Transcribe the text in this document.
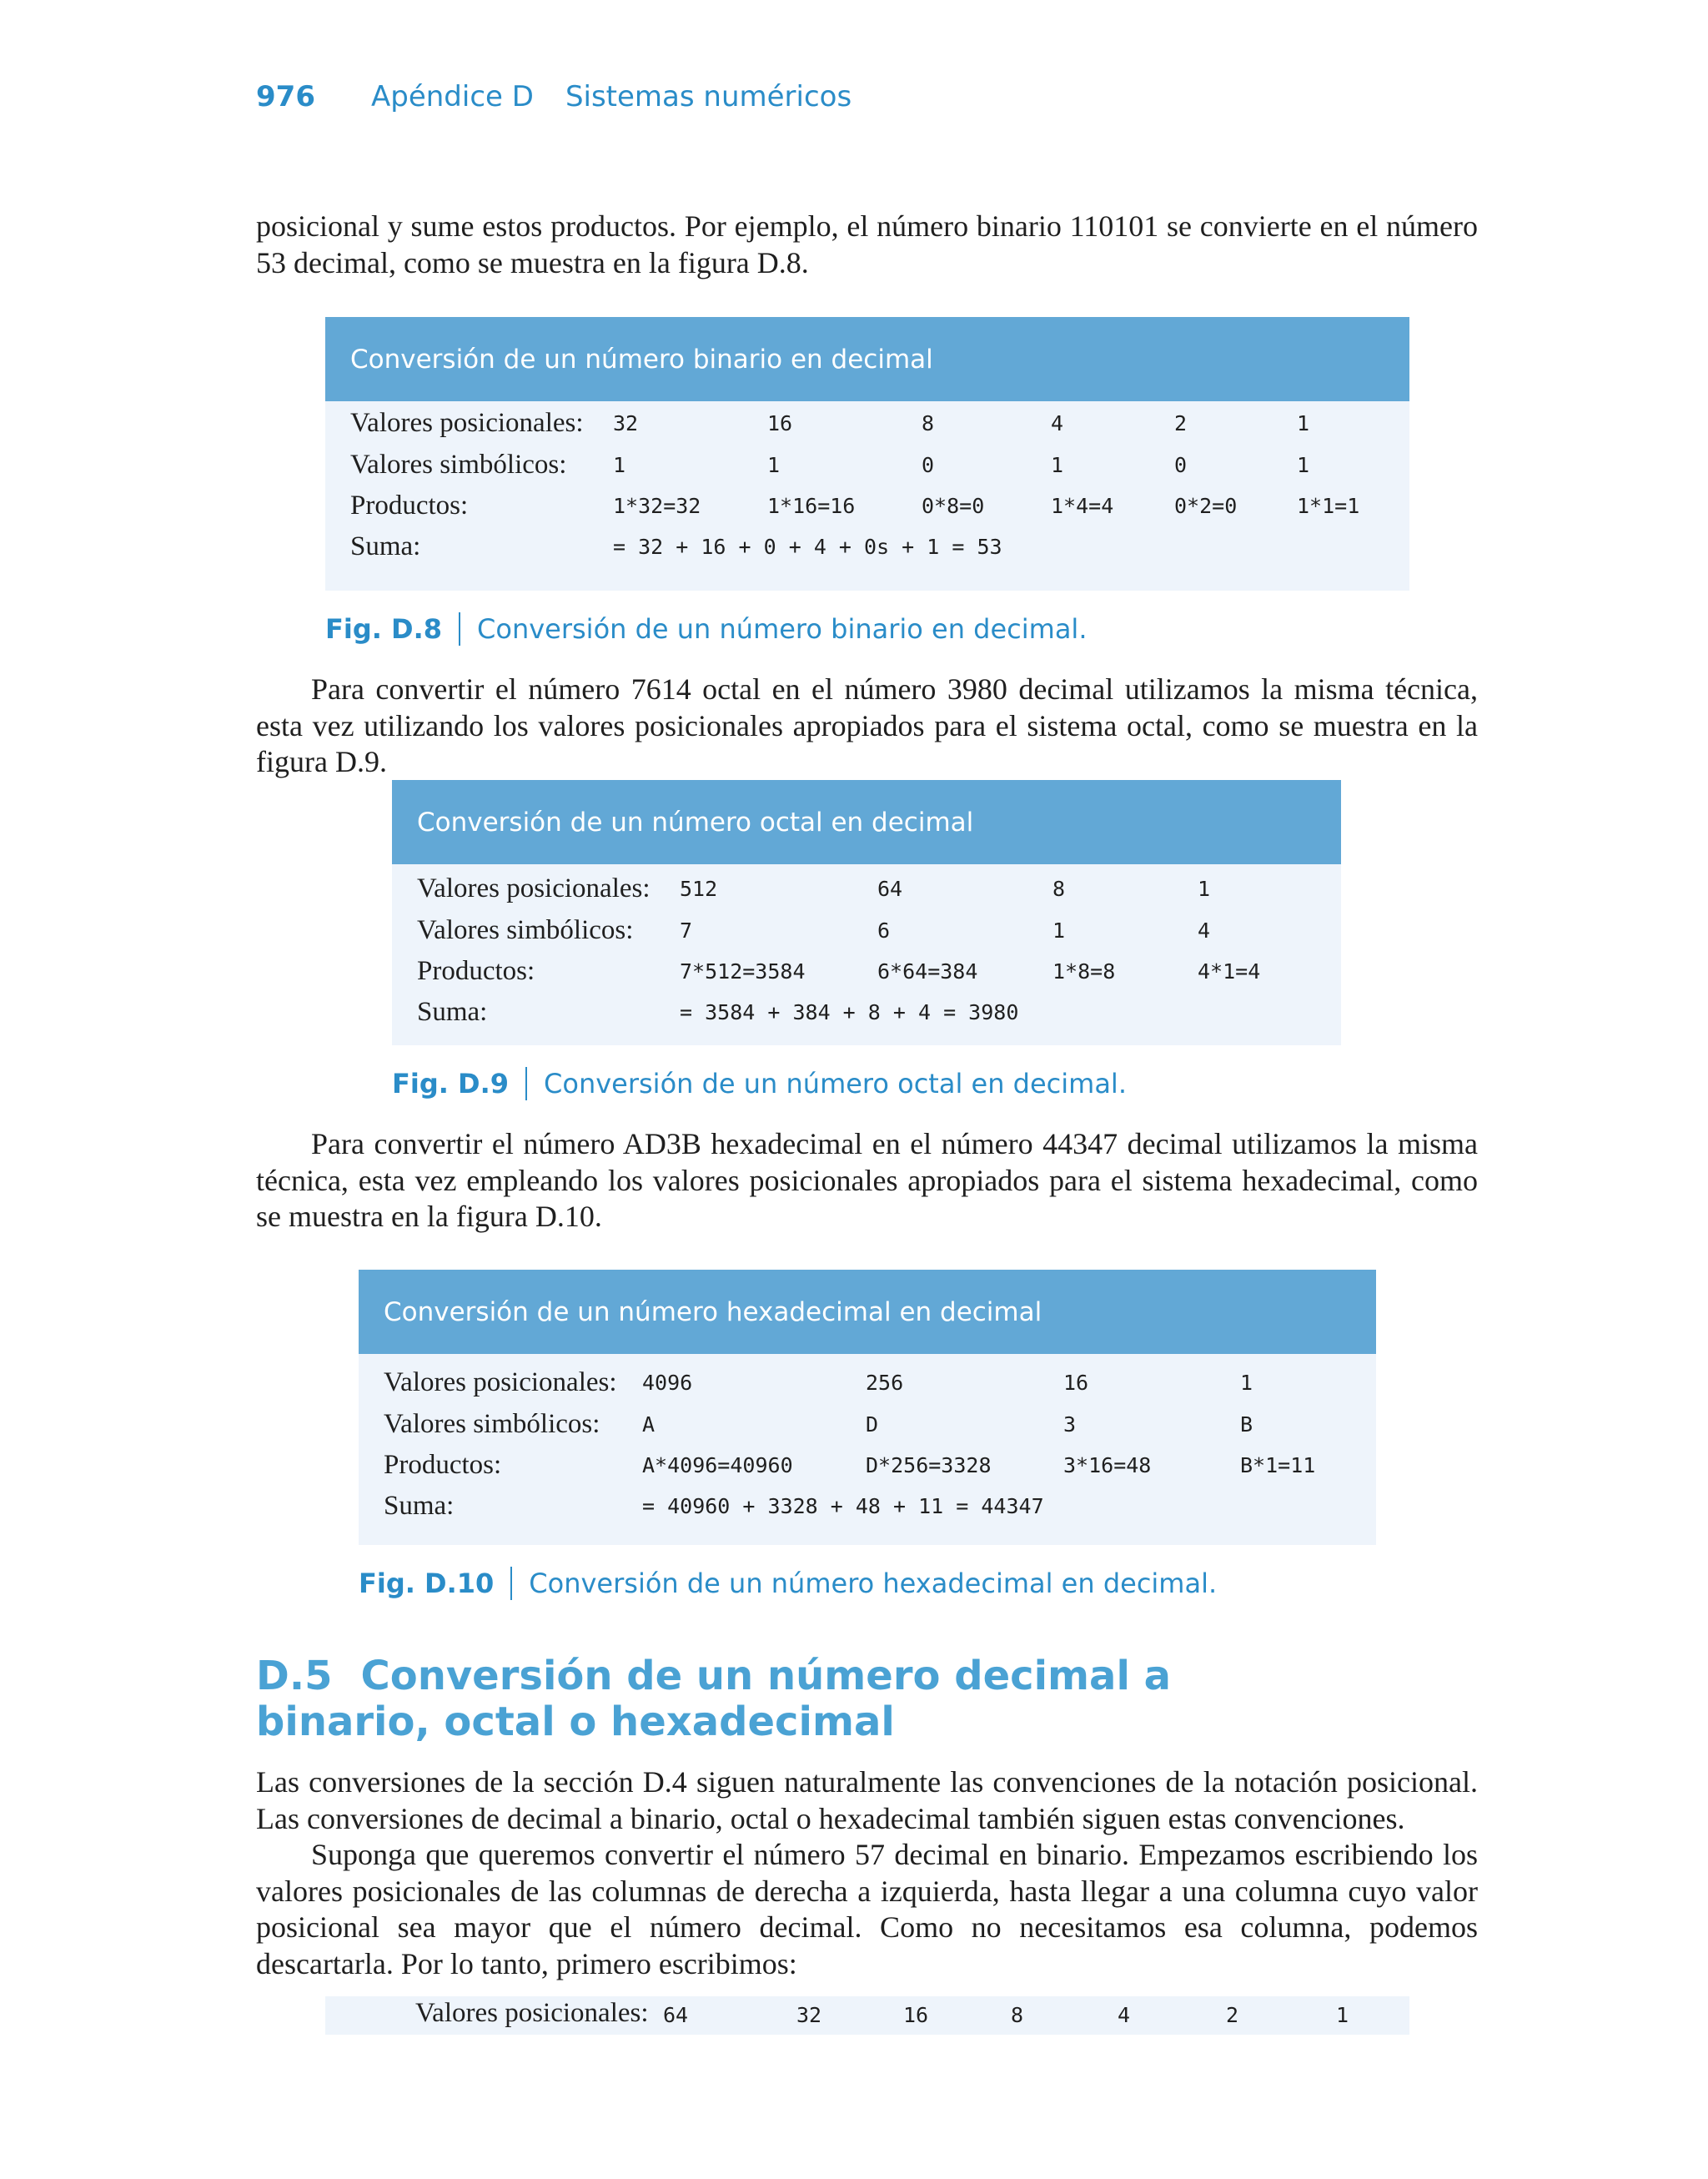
976	Apéndice D Sistemas numéricos

posicional y sume estos productos. Por ejemplo, el número binario 110101 se convierte en el número 53 decimal, como se muestra en la figura D.8.

Conversión de un número binario en decimal
Valores posicionales: 32	16	8	4	2	1
Valores simbólicos: 1	1	0	1	0	1
Productos:	1*32=32	1*16=16	0*8=0	1*4=4	0*2=0	1*1=1
Suma:	= 32 + 16 + 0 + 4 + 0s + 1 = 53
Fig. D.8 Conversión de un número binario en decimal.

Para convertir el número 7614 octal en el número 3980 decimal utilizamos la misma técnica, esta vez utilizando los valores posicionales apropiados para el sistema octal, como se muestra en la figura D.9.

Conversión de un número octal en decimal
Valores posicionales: 512	64	8	1
Valores simbólicos: 7	6	1	4
Productos:	7*512=3584	6*64=384	1*8=8	4*1=4
Suma:	= 3584 + 384 + 8 + 4 = 3980
Fig. D.9 Conversión de un número octal en decimal.

Para convertir el número AD3B hexadecimal en el número 44347 decimal utilizamos la misma técnica, esta vez empleando los valores posicionales apropiados para el sistema hexadecimal, como se muestra en la figura D.10.

Conversión de un número hexadecimal en decimal
Valores posicionales: 4096	256	16	1
Valores simbólicos: A	D	3	B
Productos:	A*4096=40960	D*256=3328	3*16=48	B*1=11
Suma:	= 40960 + 3328 + 48 + 11 = 44347
Fig. D.10 Conversión de un número hexadecimal en decimal.
D.5 Conversión de un número decimal a binario, octal o hexadecimal

Las conversiones de la sección D.4 siguen naturalmente las convenciones de la notación posicional. Las conversiones de decimal a binario, octal o hexadecimal también siguen estas convenciones.

Suponga que queremos convertir el número 57 decimal en binario. Empezamos escribiendo los valores posicionales de las columnas de derecha a izquierda, hasta llegar a una columna cuyo valor posicional sea mayor que el número decimal. Como no necesitamos esa columna, podemos descartarla. Por lo tanto, primero escribimos:

Valores posicionales: 64	32	16	8	4	2	1
